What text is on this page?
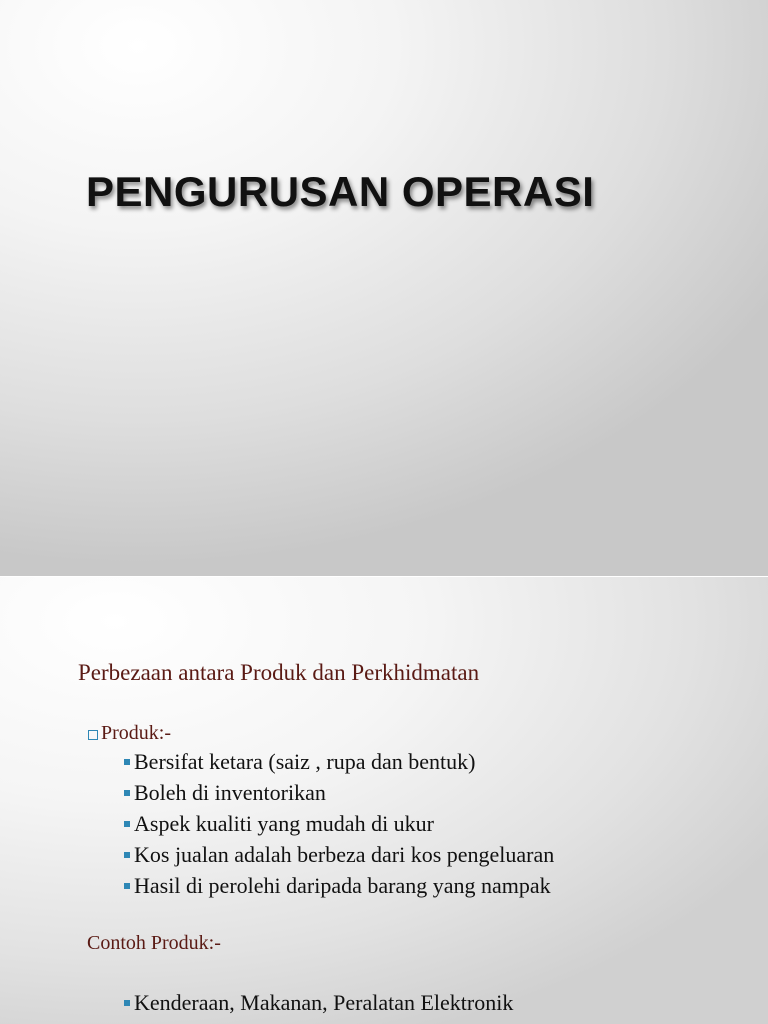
PENGURUSAN OPERASI
Perbezaan antara Produk dan Perkhidmatan
Produk:-
Bersifat ketara (saiz , rupa dan bentuk)
Boleh di inventorikan
Aspek kualiti yang mudah di ukur
Kos jualan adalah berbeza dari kos pengeluaran
Hasil di perolehi daripada barang yang nampak
Contoh Produk:-
Kenderaan, Makanan, Peralatan Elektronik
